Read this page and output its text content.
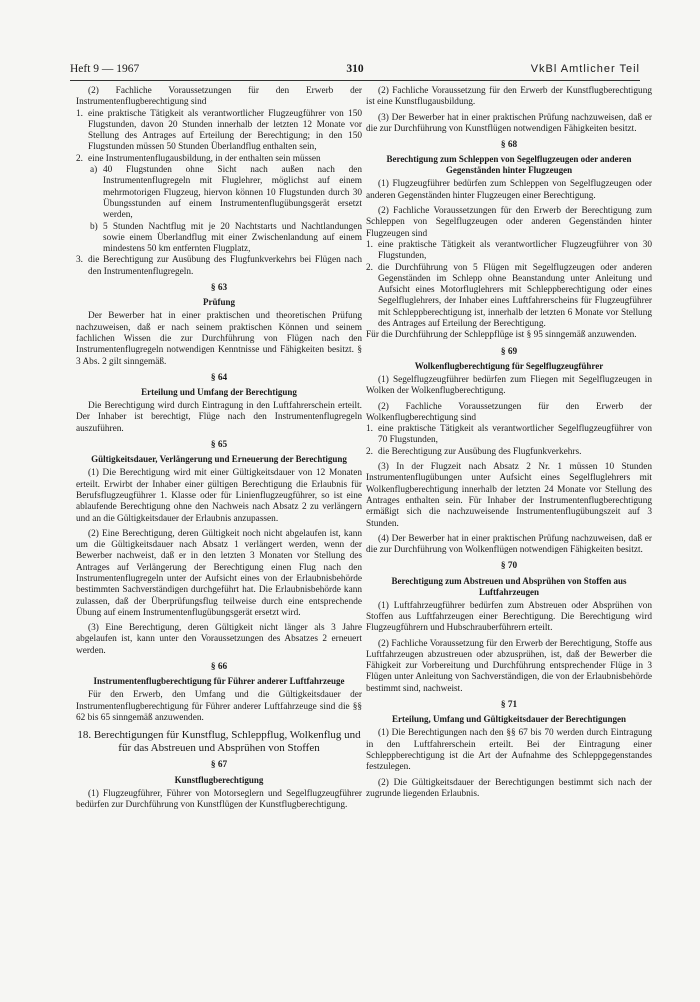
Heft 9 — 1967	310	VkBl Amtlicher Teil

(2) Fachliche Voraussetzungen für den Erwerb der Instrumentenflugberechtigung sind

1. eine praktische Tätigkeit als verantwortlicher Flugzeugführer von 150 Flugstunden, davon 20 Stunden innerhalb der letzten 12 Monate vor Stellung des Antrages auf Erteilung der Berechtigung; in den 150 Flugstunden müssen 50 Stunden Überlandflug enthalten sein,
2. eine Instrumentenflugausbildung, in der enthalten sein müssen
a) 40 Flugstunden ohne Sicht nach außen nach den Instrumentenflugregeln mit Fluglehrer, möglichst auf einem mehrmotorigen Flugzeug, hiervon können 10 Flugstunden durch 30 Übungsstunden auf einem Instrumentenflugübungsgerät ersetzt werden,
b) 5 Stunden Nachtflug mit je 20 Nachtstarts und Nachtlandungen sowie einem Überlandflug mit einer Zwischenlandung auf einem mindestens 50 km entfernten Flugplatz,
3. die Berechtigung zur Ausübung des Flugfunkverkehrs bei Flügen nach den Instrumentenflugregeln.
§ 63
Prüfung

Der Bewerber hat in einer praktischen und theoretischen Prüfung nachzuweisen, daß er nach seinem praktischen Können und seinem fachlichen Wissen die zur Durchführung von Flügen nach den Instrumentenflugregeln notwendigen Kenntnisse und Fähigkeiten besitzt. § 3 Abs. 2 gilt sinngemäß.

§ 64
Erteilung und Umfang der Berechtigung

Die Berechtigung wird durch Eintragung in den Luftfahrerschein erteilt. Der Inhaber ist berechtigt, Flüge nach den Instrumentenflugregeln auszuführen.

§ 65
Gültigkeitsdauer, Verlängerung und Erneuerung der Berechtigung

(1) Die Berechtigung wird mit einer Gültigkeitsdauer von 12 Monaten erteilt. Erwirbt der Inhaber einer gültigen Berechtigung die Erlaubnis für Berufsflugzeugführer 1. Klasse oder für Linienflugzeugführer, so ist eine ablaufende Berechtigung ohne den Nachweis nach Absatz 2 zu verlängern und an die Gültigkeitsdauer der Erlaubnis anzupassen.

(2) Eine Berechtigung, deren Gültigkeit noch nicht abgelaufen ist, kann um die Gültigkeitsdauer nach Absatz 1 verlängert werden, wenn der Bewerber nachweist, daß er in den letzten 3 Monaten vor Stellung des Antrages auf Verlängerung der Berechtigung einen Flug nach den Instrumentenflugregeln unter der Aufsicht eines von der Erlaubnisbehörde bestimmten Sachverständigen durchgeführt hat. Die Erlaubnisbehörde kann zulassen, daß der Überprüfungsflug teilweise durch eine entsprechende Übung auf einem Instrumentenflugübungsgerät ersetzt wird.

(3) Eine Berechtigung, deren Gültigkeit nicht länger als 3 Jahre abgelaufen ist, kann unter den Voraussetzungen des Absatzes 2 erneuert werden.

§ 66
Instrumentenflugberechtigung für Führer anderer Luftfahrzeuge

Für den Erwerb, den Umfang und die Gültigkeitsdauer der Instrumentenflugberechtigung für Führer anderer Luftfahrzeuge sind die §§ 62 bis 65 sinngemäß anzuwenden.

18. Berechtigungen für Kunstflug, Schleppflug, Wolkenflug und für das Abstreuen und Absprühen von Stoffen
§ 67
Kunstflugberechtigung

(1) Flugzeugführer, Führer von Motorseglern und Segelflugzeugführer bedürfen zur Durchführung von Kunstflügen der Kunstflugberechtigung.

(2) Fachliche Voraussetzung für den Erwerb der Kunstflugberechtigung ist eine Kunstflugausbildung.

(3) Der Bewerber hat in einer praktischen Prüfung nachzuweisen, daß er die zur Durchführung von Kunstflügen notwendigen Fähigkeiten besitzt.

§ 68
Berechtigung zum Schleppen von Segelflugzeugen oder anderen Gegenständen hinter Flugzeugen

(1) Flugzeugführer bedürfen zum Schleppen von Segelflugzeugen oder anderen Gegenständen hinter Flugzeugen einer Berechtigung.

(2) Fachliche Voraussetzungen für den Erwerb der Berechtigung zum Schleppen von Segelflugzeugen oder anderen Gegenständen hinter Flugzeugen sind

1. eine praktische Tätigkeit als verantwortlicher Flugzeugführer von 30 Flugstunden,
2. die Durchführung von 5 Flügen mit Segelflugzeugen oder anderen Gegenständen im Schlepp ohne Beanstandung unter Anleitung und Aufsicht eines Motorfluglehrers mit Schleppberechtigung oder eines Segelfluglehrers, der Inhaber eines Luftfahrerscheins für Flugzeugführer mit Schleppberechtigung ist, innerhalb der letzten 6 Monate vor Stellung des Antrages auf Erteilung der Berechtigung.

Für die Durchführung der Schleppflüge ist § 95 sinngemäß anzuwenden.

§ 69
Wolkenflugberechtigung für Segelflugzeugführer

(1) Segelflugzeugführer bedürfen zum Fliegen mit Segelflugzeugen in Wolken der Wolkenflugberechtigung.

(2) Fachliche Voraussetzungen für den Erwerb der Wolkenflugberechtigung sind

1. eine praktische Tätigkeit als verantwortlicher Segelflugzeugführer von 70 Flugstunden,
2. die Berechtigung zur Ausübung des Flugfunkverkehrs.

(3) In der Flugzeit nach Absatz 2 Nr. 1 müssen 10 Stunden Instrumentenflugübungen unter Aufsicht eines Segelfluglehrers mit Wolkenflugberechtigung innerhalb der letzten 24 Monate vor Stellung des Antrages enthalten sein. Für Inhaber der Instrumentenflugberechtigung ermäßigt sich die nachzuweisende Instrumentenflugübungszeit auf 3 Stunden.

(4) Der Bewerber hat in einer praktischen Prüfung nachzuweisen, daß er die zur Durchführung von Wolkenflügen notwendigen Fähigkeiten besitzt.

§ 70
Berechtigung zum Abstreuen und Absprühen von Stoffen aus Luftfahrzeugen

(1) Luftfahrzeugführer bedürfen zum Abstreuen oder Absprühen von Stoffen aus Luftfahrzeugen einer Berechtigung. Die Berechtigung wird Flugzeugführern und Hubschrauberführern erteilt.

(2) Fachliche Voraussetzung für den Erwerb der Berechtigung, Stoffe aus Luftfahrzeugen abzustreuen oder abzusprühen, ist, daß der Bewerber die Fähigkeit zur Vorbereitung und Durchführung entsprechender Flüge in 3 Flügen unter Anleitung von Sachverständigen, die von der Erlaubnisbehörde bestimmt sind, nachweist.

§ 71
Erteilung, Umfang und Gültigkeitsdauer der Berechtigungen

(1) Die Berechtigungen nach den §§ 67 bis 70 werden durch Eintragung in den Luftfahrerschein erteilt. Bei der Eintragung einer Schleppberechtigung ist die Art der Aufnahme des Schleppgegenstandes festzulegen.

(2) Die Gültigkeitsdauer der Berechtigungen bestimmt sich nach der zugrunde liegenden Erlaubnis.
